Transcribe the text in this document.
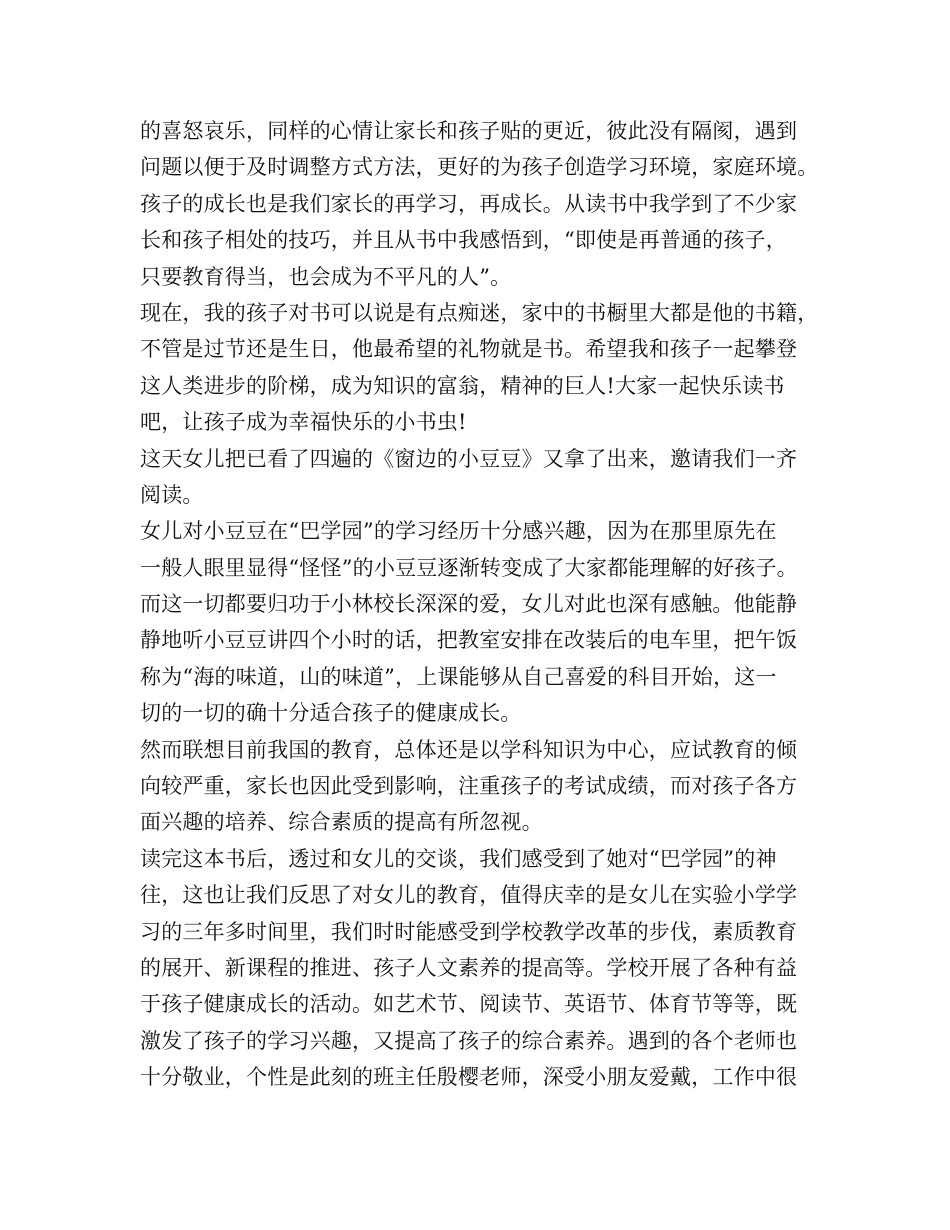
的喜怒哀乐，同样的心情让家长和孩子贴的更近，彼此没有隔阂，遇到
问题以便于及时调整方式方法，更好的为孩子创造学习环境，家庭环境。
孩子的成长也是我们家长的再学习，再成长。从读书中我学到了不少家
长和孩子相处的技巧，并且从书中我感悟到，“即使是再普通的孩子，
只要教育得当，也会成为不平凡的人”。
现在，我的孩子对书可以说是有点痴迷，家中的书橱里大都是他的书籍，
不管是过节还是生日，他最希望的礼物就是书。希望我和孩子一起攀登
这人类进步的阶梯，成为知识的富翁，精神的巨人!大家一起快乐读书
吧，让孩子成为幸福快乐的小书虫!
这天女儿把已看了四遍的《窗边的小豆豆》又拿了出来，邀请我们一齐
阅读。
女儿对小豆豆在“巴学园”的学习经历十分感兴趣，因为在那里原先在
一般人眼里显得“怪怪”的小豆豆逐渐转变成了大家都能理解的好孩子。
而这一切都要归功于小林校长深深的爱，女儿对此也深有感触。他能静
静地听小豆豆讲四个小时的话，把教室安排在改装后的电车里，把午饭
称为“海的味道，山的味道”，上课能够从自己喜爱的科目开始，这一
切的一切的确十分适合孩子的健康成长。
然而联想目前我国的教育，总体还是以学科知识为中心，应试教育的倾
向较严重，家长也因此受到影响，注重孩子的考试成绩，而对孩子各方
面兴趣的培养、综合素质的提高有所忽视。
读完这本书后，透过和女儿的交谈，我们感受到了她对“巴学园”的神
往，这也让我们反思了对女儿的教育，值得庆幸的是女儿在实验小学学
习的三年多时间里，我们时时能感受到学校教学改革的步伐，素质教育
的展开、新课程的推进、孩子人文素养的提高等。学校开展了各种有益
于孩子健康成长的活动。如艺术节、阅读节、英语节、体育节等等，既
激发了孩子的学习兴趣，又提高了孩子的综合素养。遇到的各个老师也
十分敬业，个性是此刻的班主任殷樱老师，深受小朋友爱戴，工作中很
